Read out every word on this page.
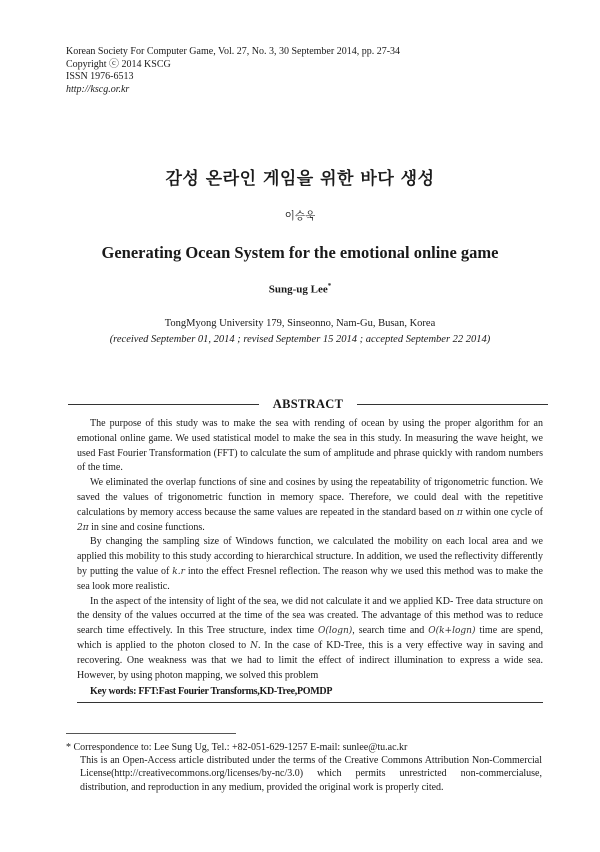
Korean Society For Computer Game, Vol. 27, No. 3, 30 September 2014, pp. 27-34
Copyright ⓒ 2014 KSCG
ISSN 1976-6513
http://kscg.or.kr
감성 온라인 게임을 위한 바다 생성
이승욱
Generating Ocean System for the emotional online game
Sung-ug Lee*
TongMyong University 179, Sinseonno, Nam-Gu, Busan, Korea
(received September 01, 2014 ; revised September 15 2014 ; accepted September 22 2014)
ABSTRACT

The purpose of this study was to make the sea with rending of ocean by using the proper algorithm for an emotional online game. We used statistical model to make the sea in this study. In measuring the wave height, we used Fast Fourier Transformation (FFT) to calculate the sum of amplitude and phrase quickly with random numbers of the time.

We eliminated the overlap functions of sine and cosines by using the repeatability of trigonometric function. We saved the values of trigonometric function in memory space. Therefore, we could deal with the repetitive calculations by memory access because the same values are repeated in the standard based on π within one cycle of 2π in sine and cosine functions.

By changing the sampling size of Windows function, we calculated the mobility on each local area and we applied this mobility to this study according to hierarchical structure. In addition, we used the reflectivity differently by putting the value of k.r into the effect Fresnel reflection. The reason why we used this method was to make the sea look more realistic.

In the aspect of the intensity of light of the sea, we did not calculate it and we applied KD- Tree data structure on the density of the values occurred at the time of the sea was created. The advantage of this method was to reduce search time effectively. In this Tree structure, index time O(logn), search time and O(k+logn) time are spend, which is applied to the photon closed to N. In the case of KD-Tree, this is a very effective way in saving and recovering. One weakness was that we had to limit the effect of indirect illumination to express a wide sea. However, by using photon mapping, we solved this problem

Key words: FFT:Fast Fourier Transforms,KD-Tree,POMDP
* Correspondence to: Lee Sung Ug, Tel.: +82-051-629-1257 E-mail: sunlee@tu.ac.kr
This is an Open-Access article distributed under the terms of the Creative Commons Attribution Non-Commercial License(http://creativecommons.org/licenses/by-nc/3.0) which permits unrestricted non-commercialuse, distribution, and reproduction in any medium, provided the original work is properly cited.
